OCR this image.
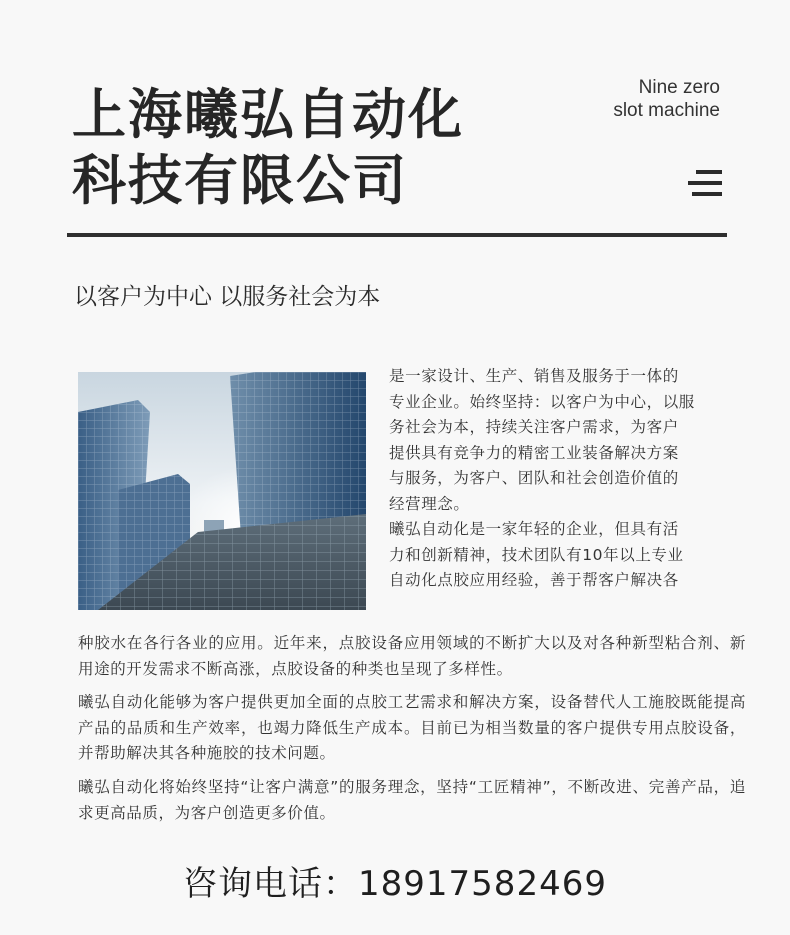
上海曦弘自动化
科技有限公司
Nine zero
slot machine
以客户为中心 以服务社会为本
是一家设计、生产、销售及服务于一体的
专业企业。始终坚持：以客户为中心，以服
务社会为本，持续关注客户需求，为客户
提供具有竞争力的精密工业装备解决方案
与服务，为客户、团队和社会创造价值的
经营理念。
曦弘自动化是一家年轻的企业，但具有活
力和创新精神，技术团队有10年以上专业
自动化点胶应用经验，善于帮客户解决各
种胶水在各行各业的应用。近年来，点胶设备应用领域的不断扩大以及对各种新型粘合剂、新用途的开发需求不断高涨，点胶设备的种类也呈现了多样性。
曦弘自动化能够为客户提供更加全面的点胶工艺需求和解决方案，设备替代人工施胶既能提高产品的品质和生产效率，也竭力降低生产成本。目前已为相当数量的客户提供专用点胶设备，并帮助解决其各种施胶的技术问题。
曦弘自动化将始终坚持“让客户满意”的服务理念，坚持“工匠精神”，不断改进、完善产品，追求更高品质，为客户创造更多价值。
咨询电话：18917582469
